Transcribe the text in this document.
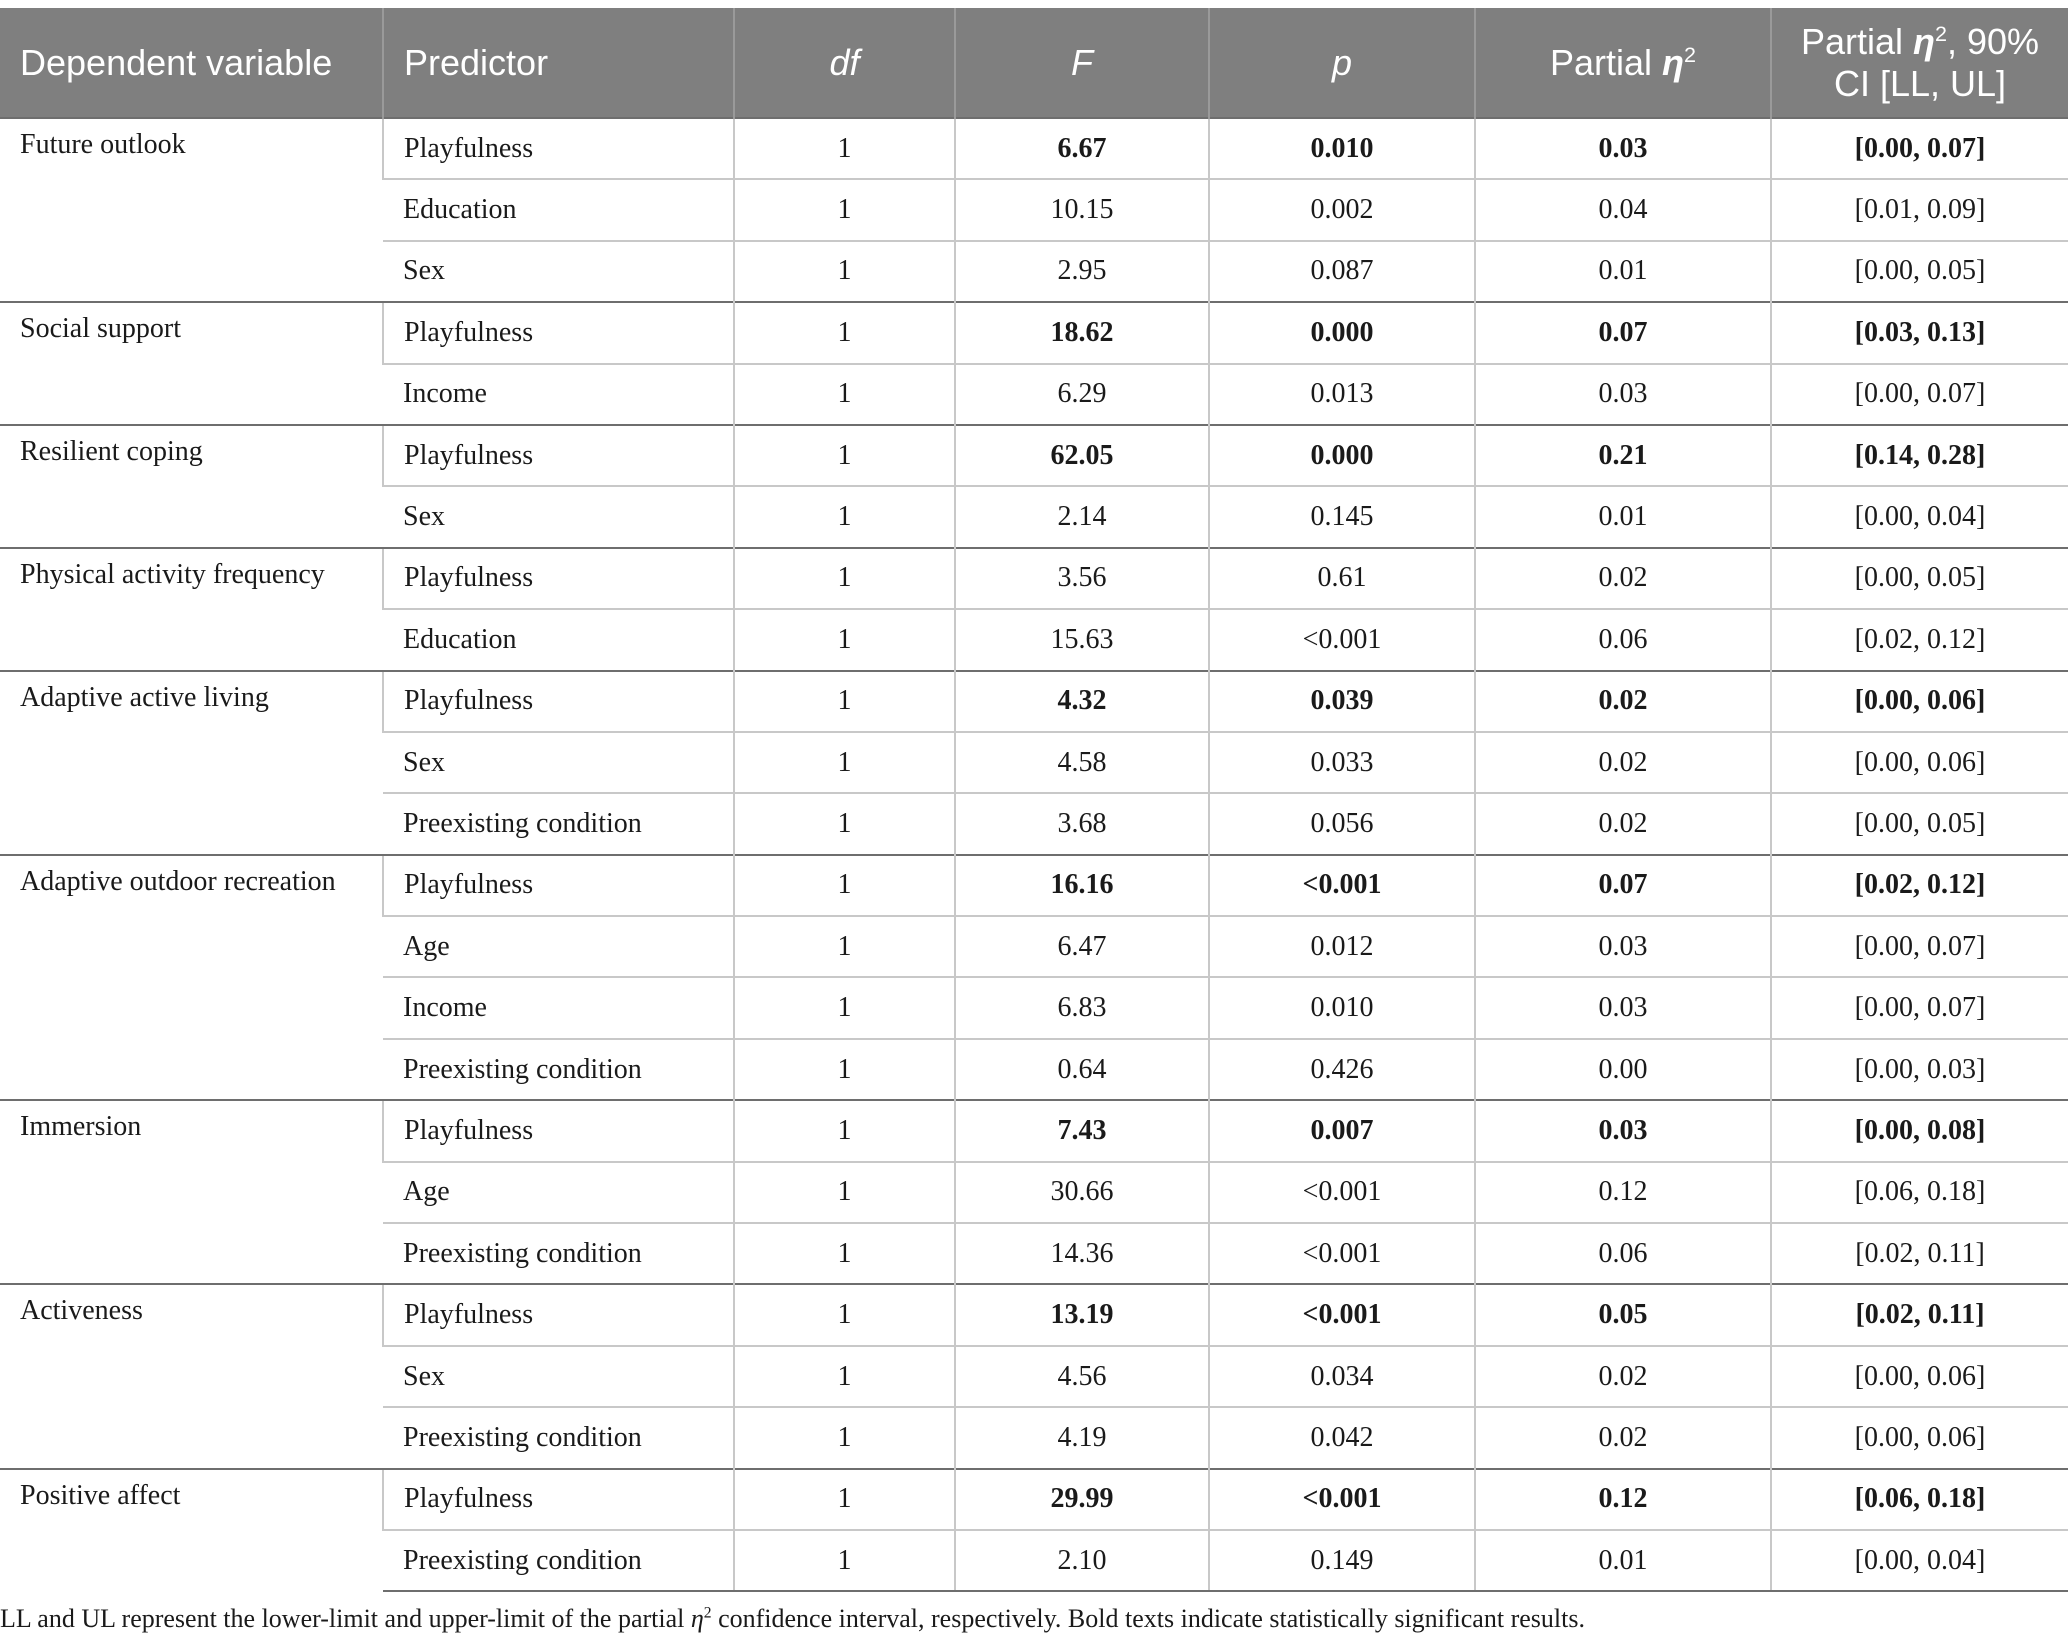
Dependent variable	Predictor	df	F	p	Partial $\eta^2$	Partial $\eta^2$, 90% CI [LL, UL]
Future outlook	Playfulness	1	6.67	0.010	0.03	[0.00, 0.07]
	Education	1	10.15	0.002	0.04	[0.01, 0.09]
	Sex	1	2.95	0.087	0.01	[0.00, 0.05]
Social support	Playfulness	1	18.62	0.000	0.07	[0.03, 0.13]
	Income	1	6.29	0.013	0.03	[0.00, 0.07]
Resilient coping	Playfulness	1	62.05	0.000	0.21	[0.14, 0.28]
	Sex	1	2.14	0.145	0.01	[0.00, 0.04]
Physical activity frequency	Playfulness	1	3.56	0.61	0.02	[0.00, 0.05]
	Education	1	15.63	<0.001	0.06	[0.02, 0.12]
Adaptive active living	Playfulness	1	4.32	0.039	0.02	[0.00, 0.06]
	Sex	1	4.58	0.033	0.02	[0.00, 0.06]
	Preexisting condition	1	3.68	0.056	0.02	[0.00, 0.05]
Adaptive outdoor recreation	Playfulness	1	16.16	<0.001	0.07	[0.02, 0.12]
	Age	1	6.47	0.012	0.03	[0.00, 0.07]
	Income	1	6.83	0.010	0.03	[0.00, 0.07]
	Preexisting condition	1	0.64	0.426	0.00	[0.00, 0.03]
Immersion	Playfulness	1	7.43	0.007	0.03	[0.00, 0.08]
	Age	1	30.66	<0.001	0.12	[0.06, 0.18]
	Preexisting condition	1	14.36	<0.001	0.06	[0.02, 0.11]
Activeness	Playfulness	1	13.19	<0.001	0.05	[0.02, 0.11]
	Sex	1	4.56	0.034	0.02	[0.00, 0.06]
	Preexisting condition	1	4.19	0.042	0.02	[0.00, 0.06]
Positive affect	Playfulness	1	29.99	<0.001	0.12	[0.06, 0.18]
	Preexisting condition	1	2.10	0.149	0.01	[0.00, 0.04]
LL and UL represent the lower-limit and upper-limit of the partial $\eta^2$ confidence interval, respectively. Bold texts indicate statistically significant results.
